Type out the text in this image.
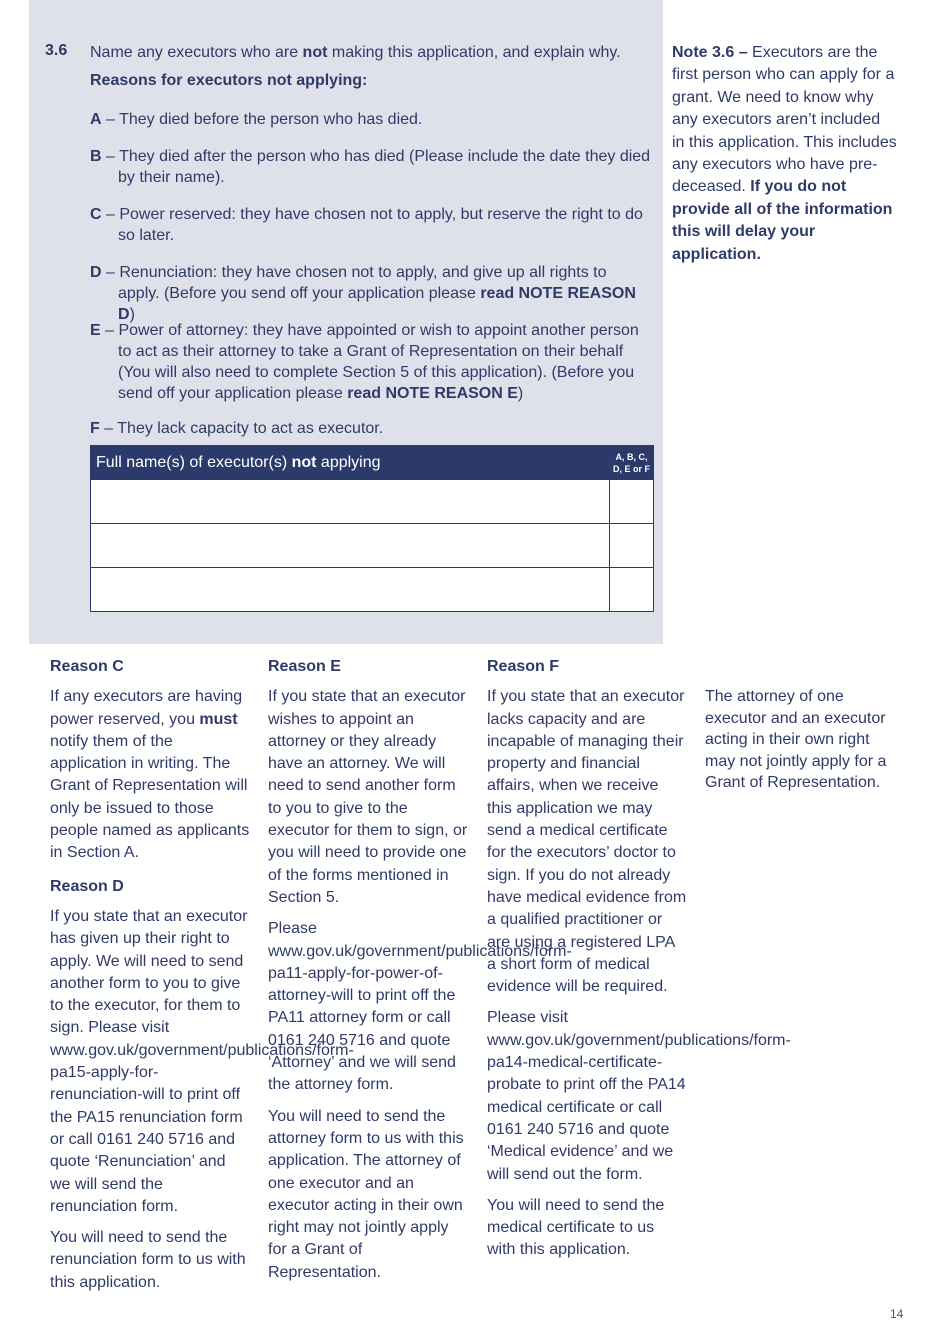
3.6 Name any executors who are not making this application, and explain why.
Reasons for executors not applying:
A – They died before the person who has died.
B – They died after the person who has died (Please include the date they died by their name).
C – Power reserved: they have chosen not to apply, but reserve the right to do so later.
D – Renunciation: they have chosen not to apply, and give up all rights to apply. (Before you send off your application please read NOTE REASON D)
E – Power of attorney: they have appointed or wish to appoint another person to act as their attorney to take a Grant of Representation on their behalf (You will also need to complete Section 5 of this application). (Before you send off your application please read NOTE REASON E)
F – They lack capacity to act as executor.
Full name(s) of executor(s) not applying	A, B, C,
D, E or F

Note 3.6 – Executors are the first person who can apply for a grant. We need to know why any executors aren’t included in this application. This includes any executors who have pre-deceased. If you do not provide all of the information this will delay your application.
Reason C

If any executors are having power reserved, you must notify them of the application in writing. The Grant of Representation will only be issued to those people named as applicants in Section A.

Reason D

If you state that an executor has given up their right to apply. We will need to send another form to you to give to the executor, for them to sign. Please visit www.gov.uk/government/publications/form-pa15-apply-for-renunciation-will to print off the PA15 renunciation form or call 0161 240 5716 and quote ‘Renunciation’ and we will send the renunciation form.

You will need to send the renunciation form to us with this application.

Reason E

If you state that an executor wishes to appoint an attorney or they already have an attorney. We will need to send another form to you to give to the executor for them to sign, or you will need to provide one of the forms mentioned in Section 5.

Please www.gov.uk/government/publications/form-pa11-apply-for-power-of-attorney-will to print off the PA11 attorney form or call 0161 240 5716 and quote ‘Attorney’ and we will send the attorney form.

You will need to send the attorney form to us with this application. The attorney of one executor and an executor acting in their own right may not jointly apply for a Grant of Representation.

Reason F

If you state that an executor lacks capacity and are incapable of managing their property and financial affairs, when we receive this application we may send a medical certificate for the executors’ doctor to sign. If you do not already have medical evidence from a qualified practitioner or are using a registered LPA a short form of medical evidence will be required.

Please visit www.gov.uk/government/publications/form-pa14-medical-certificate-probate to print off the PA14 medical certificate or call 0161 240 5716 and quote ‘Medical evidence’ and we will send out the form.

You will need to send the medical certificate to us with this application.

The attorney of one executor and an executor acting in their own right may not jointly apply for a Grant of Representation.

14
